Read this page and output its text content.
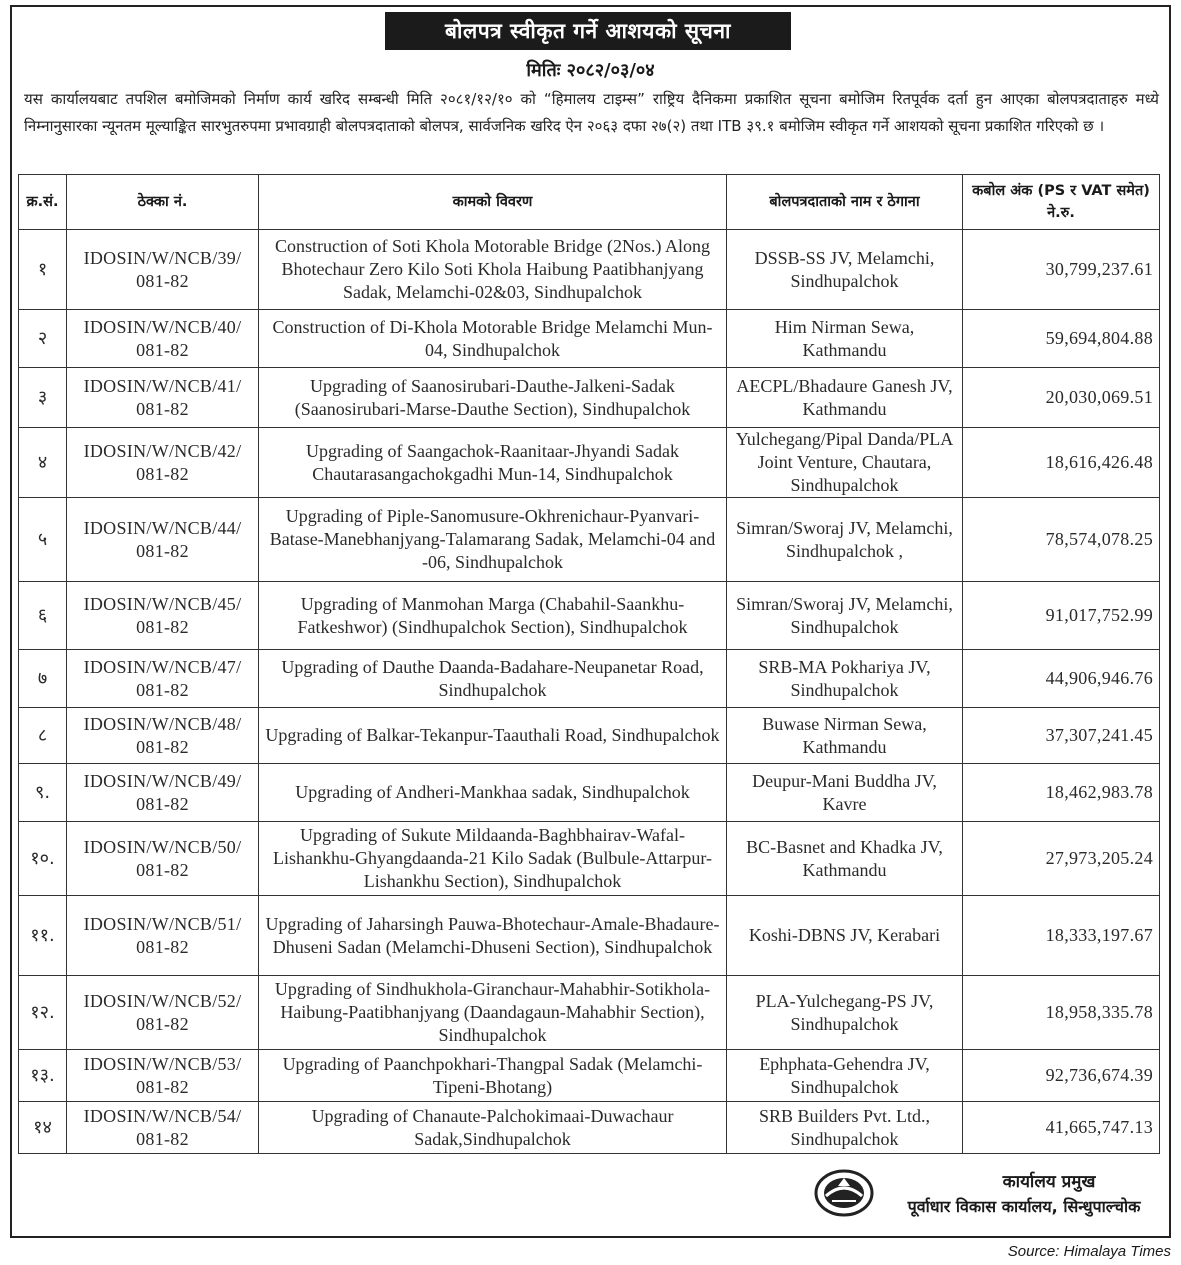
बोलपत्र स्वीकृत गर्ने आशयको सूचना
मितिः २०८२/०३/०४
यस कार्यालयबाट तपशिल बमोजिमको निर्माण कार्य खरिद सम्बन्धी मिति २०८१/१२/१० को “हिमालय टाइम्स” राष्ट्रिय दैनिकमा प्रकाशित सूचना बमोजिम रितपूर्वक दर्ता हुन आएका बोलपत्रदाताहरु मध्ये निम्नानुसारका न्यूनतम मूल्याङ्कित सारभुतरुपमा प्रभावग्राही बोलपत्रदाताको बोलपत्र, सार्वजनिक खरिद ऐन २०६३ दफा २७(२) तथा ITB ३९.१ बमोजिम स्वीकृत गर्ने आशयको सूचना प्रकाशित गरिएको छ ।
क्र.सं.	ठेक्का नं.	कामको विवरण	बोलपत्रदाताको नाम र ठेगाना	कबोल अंक (PS र VAT समेत) ने.रु.
१	IDOSIN/W/NCB/39/ 081-82	Construction of Soti Khola Motorable Bridge (2Nos.) Along Bhotechaur Zero Kilo Soti Khola Haibung Paatibhanjyang Sadak, Melamchi-02&03, Sindhupalchok	DSSB-SS JV, Melamchi, Sindhupalchok	30,799,237.61
२	IDOSIN/W/NCB/40/ 081-82	Construction of Di-Khola Motorable Bridge Melamchi Mun-04, Sindhupalchok	Him Nirman Sewa, Kathmandu	59,694,804.88
३	IDOSIN/W/NCB/41/ 081-82	Upgrading of Saanosirubari-Dauthe-Jalkeni-Sadak (Saanosirubari-Marse-Dauthe Section), Sindhupalchok	AECPL/Bhadaure Ganesh JV, Kathmandu	20,030,069.51
४	IDOSIN/W/NCB/42/ 081-82	Upgrading of Saangachok-Raanitaar-Jhyandi Sadak Chautarasangachokgadhi Mun-14, Sindhupalchok	Yulchegang/Pipal Danda/PLA Joint Venture, Chautara, Sindhupalchok	18,616,426.48
५	IDOSIN/W/NCB/44/ 081-82	Upgrading of Piple-Sanomusure-Okhrenichaur-Pyanvari-Batase-Manebhanjyang-Talamarang Sadak, Melamchi-04 and -06, Sindhupalchok	Simran/Sworaj JV, Melamchi, Sindhupalchok ,	78,574,078.25
६	IDOSIN/W/NCB/45/ 081-82	Upgrading of Manmohan Marga (Chabahil-Saankhu-Fatkeshwor) (Sindhupalchok Section), Sindhupalchok	Simran/Sworaj JV, Melamchi, Sindhupalchok	91,017,752.99
७	IDOSIN/W/NCB/47/ 081-82	Upgrading of Dauthe Daanda-Badahare-Neupanetar Road, Sindhupalchok	SRB-MA Pokhariya JV, Sindhupalchok	44,906,946.76
८	IDOSIN/W/NCB/48/ 081-82	Upgrading of Balkar-Tekanpur-Taauthali Road, Sindhupalchok	Buwase Nirman Sewa, Kathmandu	37,307,241.45
९.	IDOSIN/W/NCB/49/ 081-82	Upgrading of Andheri-Mankhaa sadak, Sindhupalchok	Deupur-Mani Buddha JV, Kavre	18,462,983.78
१०.	IDOSIN/W/NCB/50/ 081-82	Upgrading of Sukute Mildaanda-Baghbhairav-Wafal-Lishankhu-Ghyangdaanda-21 Kilo Sadak (Bulbule-Attarpur-Lishankhu Section), Sindhupalchok	BC-Basnet and Khadka JV, Kathmandu	27,973,205.24
११.	IDOSIN/W/NCB/51/ 081-82	Upgrading of Jaharsingh Pauwa-Bhotechaur-Amale-Bhadaure-Dhuseni Sadan (Melamchi-Dhuseni Section), Sindhupalchok	Koshi-DBNS JV, Kerabari	18,333,197.67
१२.	IDOSIN/W/NCB/52/ 081-82	Upgrading of Sindhukhola-Giranchaur-Mahabhir-Sotikhola-Haibung-Paatibhanjyang (Daandagaun-Mahabhir Section), Sindhupalchok	PLA-Yulchegang-PS JV, Sindhupalchok	18,958,335.78
१३.	IDOSIN/W/NCB/53/ 081-82	Upgrading of Paanchpokhari-Thangpal Sadak (Melamchi-Tipeni-Bhotang)	Ephphata-Gehendra JV, Sindhupalchok	92,736,674.39
१४	IDOSIN/W/NCB/54/ 081-82	Upgrading of Chanaute-Palchokimaai-Duwachaur Sadak,Sindhupalchok	SRB Builders Pvt. Ltd., Sindhupalchok	41,665,747.13
कार्यालय प्रमुख
पूर्वाधार विकास कार्यालय, सिन्धुपाल्चोक
Source: Himalaya Times
